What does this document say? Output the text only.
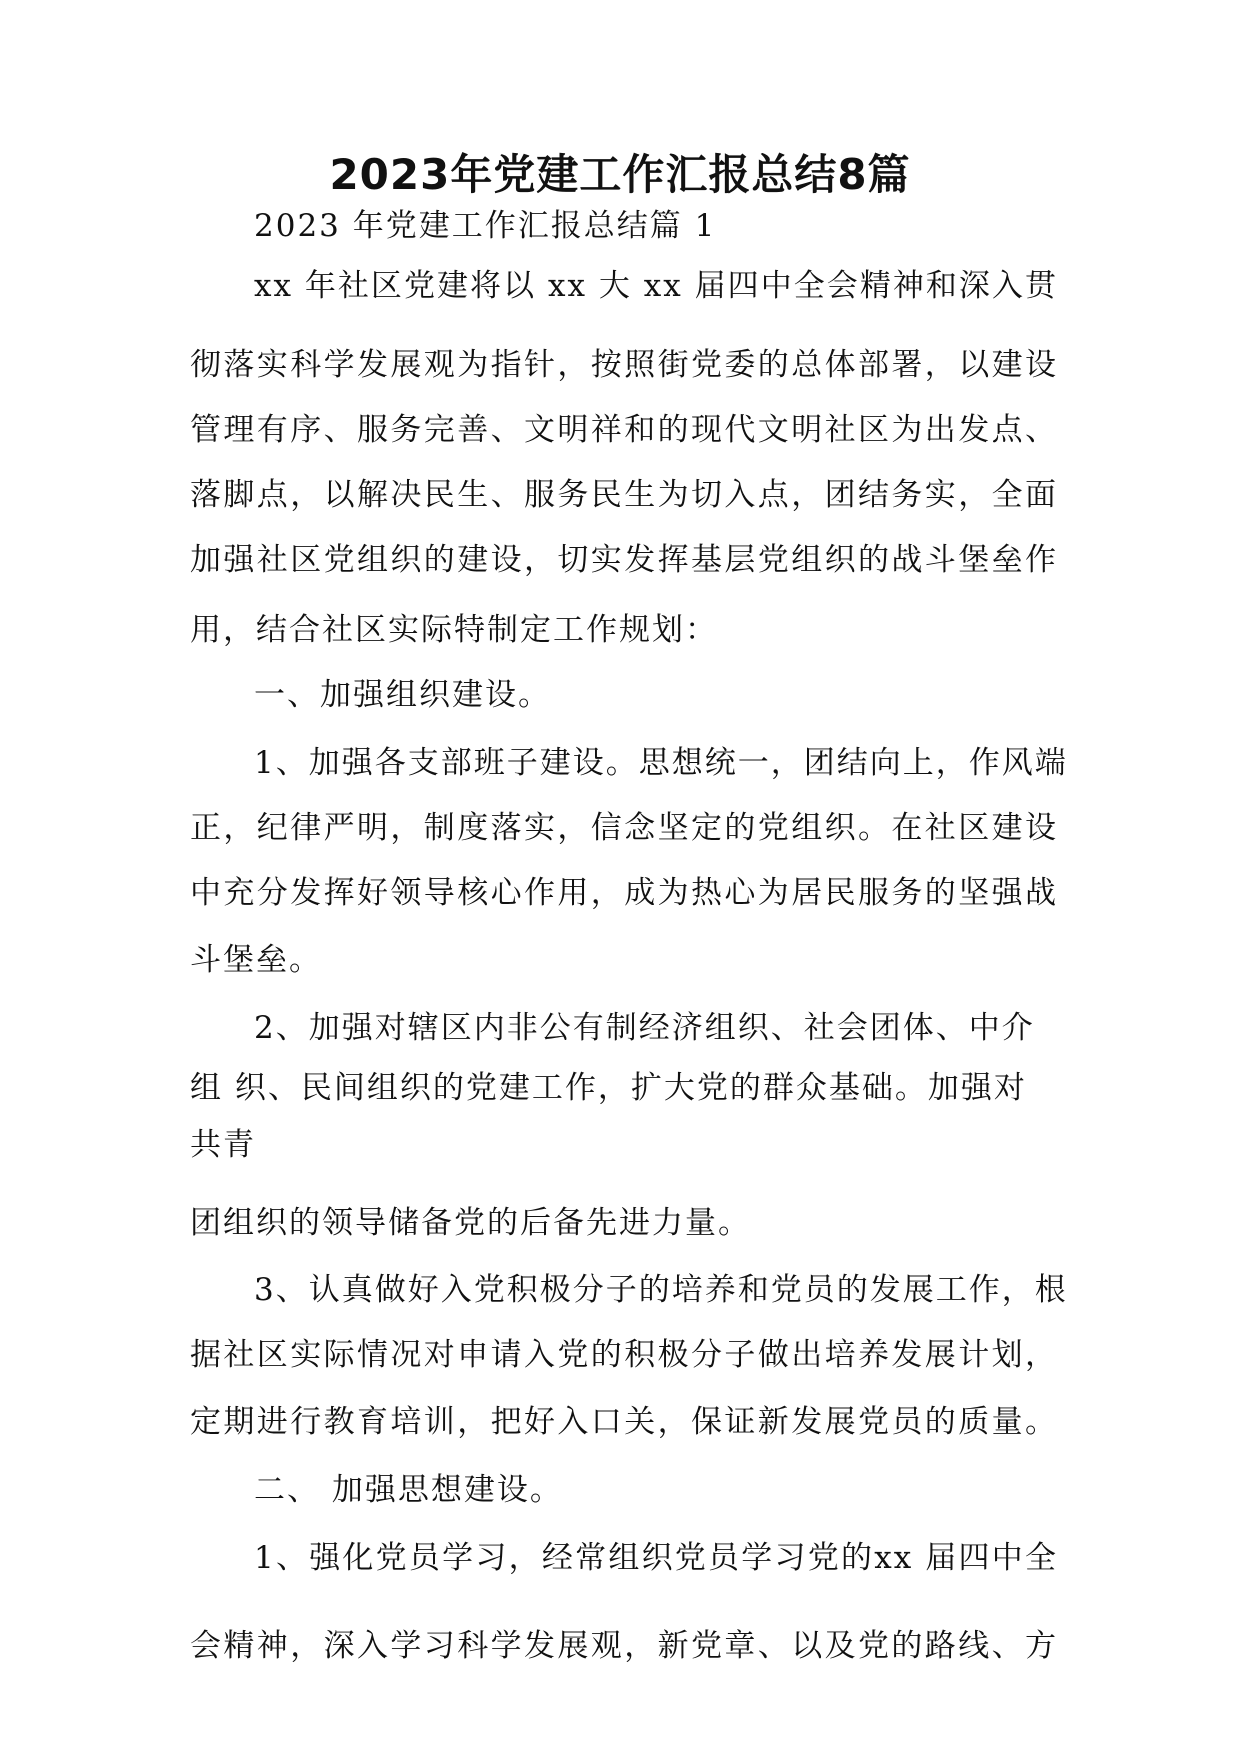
2023年党建工作汇报总结8篇
2023 年党建工作汇报总结篇 1
xx 年社区党建将以 xx 大 xx 届四中全会精神和深入贯
彻落实科学发展观为指针，按照街党委的总体部署，以建设
管理有序、服务完善、文明祥和的现代文明社区为出发点、
落脚点，以解决民生、服务民生为切入点，团结务实，全面
加强社区党组织的建设，切实发挥基层党组织的战斗堡垒作
用，结合社区实际特制定工作规划：
一、加强组织建设。
1、加强各支部班子建设。思想统一，团结向上，作风端
正，纪律严明，制度落实，信念坚定的党组织。在社区建设
中充分发挥好领导核心作用，成为热心为居民服务的坚强战
斗堡垒。
2、加强对辖区内非公有制经济组织、社会团体、中介
组 织、民间组织的党建工作，扩大党的群众基础。加强对
共青
团组织的领导储备党的后备先进力量。
3、认真做好入党积极分子的培养和党员的发展工作，根
据社区实际情况对申请入党的积极分子做出培养发展计划，
定期进行教育培训，把好入口关，保证新发展党员的质量。
二、 加强思想建设。
1、强化党员学习，经常组织党员学习党的xx 届四中全
会精神，深入学习科学发展观，新党章、以及党的路线、方
